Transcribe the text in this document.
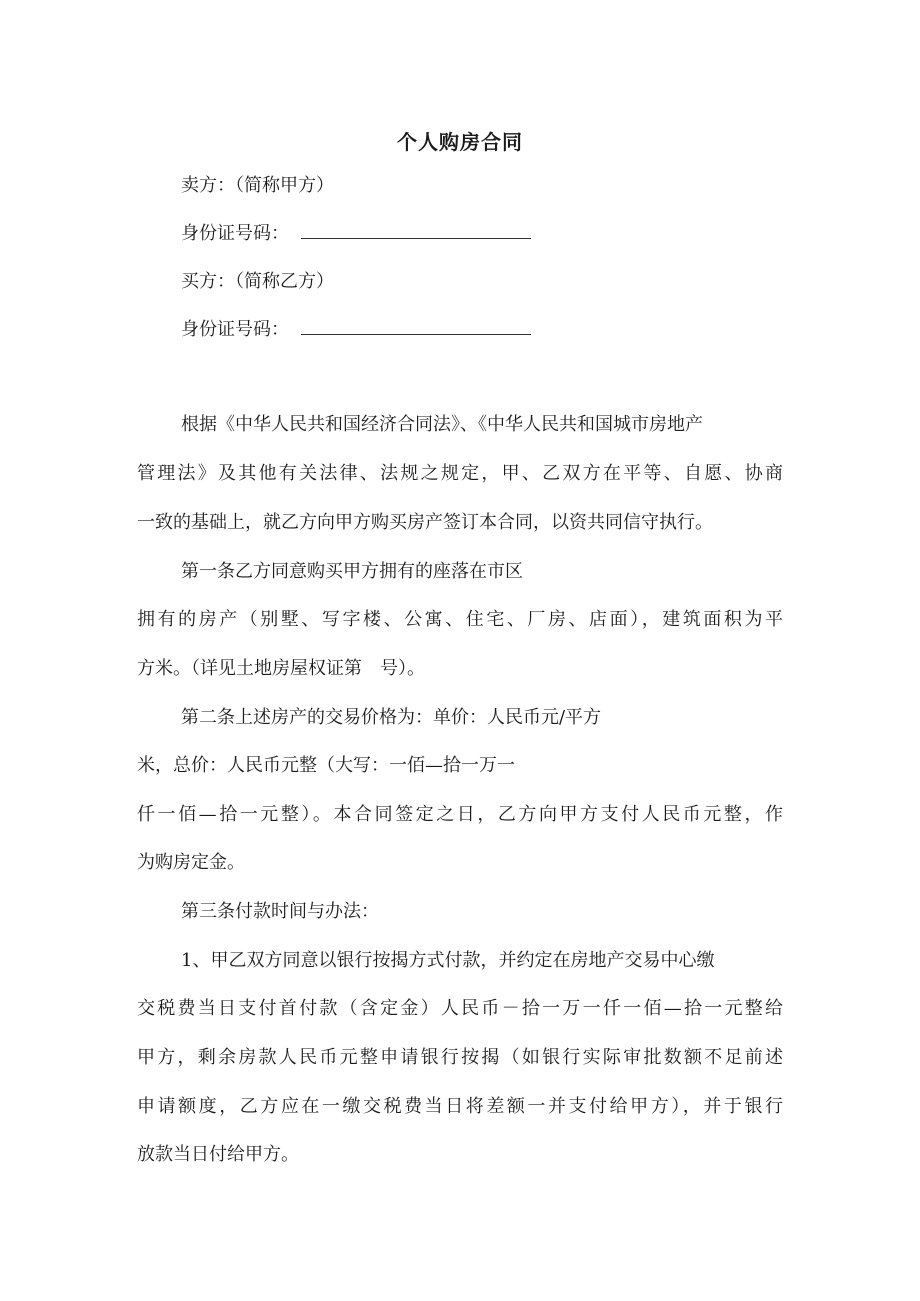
个人购房合同
卖方：（简称甲方）
身份证号码：
买方：（简称乙方）
身份证号码：
根据《中华人民共和国经济合同法》、《中华人民共和国城市房地产
管理法》及其他有关法律、法规之规定，甲、乙双方在平等、自愿、协商
一致的基础上，就乙方向甲方购买房产签订本合同，以资共同信守执行。
第一条乙方同意购买甲方拥有的座落在市区
拥有的房产（别墅、写字楼、公寓、住宅、厂房、店面），建筑面积为平
方米。（详见土地房屋权证第　号）。
第二条上述房产的交易价格为：单价：人民币元/平方
米，总价：人民币元整（大写：一佰—拾一万一
仟一佰—拾一元整）。本合同签定之日，乙方向甲方支付人民币元整，作
为购房定金。
第三条付款时间与办法：
1、甲乙双方同意以银行按揭方式付款，并约定在房地产交易中心缴
交税费当日支付首付款（含定金）人民币－拾一万一仟一佰—拾一元整给
甲方，剩余房款人民币元整申请银行按揭（如银行实际审批数额不足前述
申请额度，乙方应在一缴交税费当日将差额一并支付给甲方），并于银行
放款当日付给甲方。
